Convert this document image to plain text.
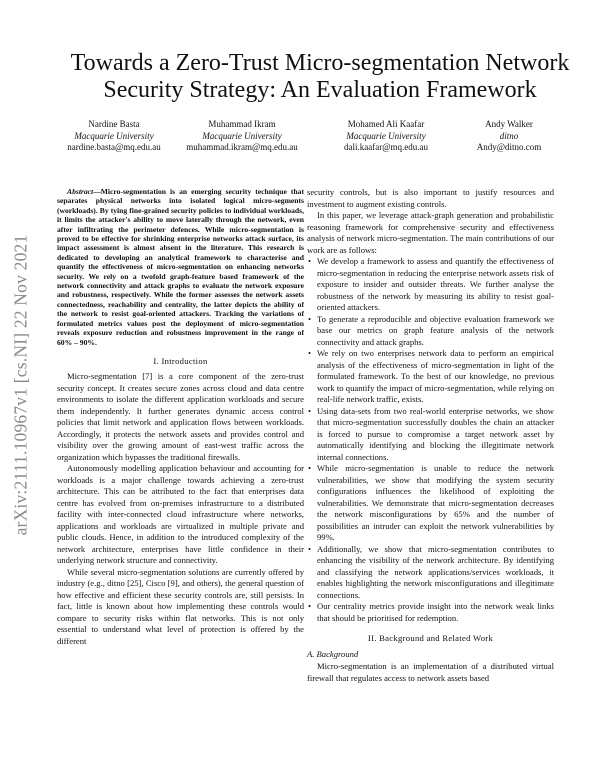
arXiv:2111.10967v1 [cs.NI] 22 Nov 2021
Towards a Zero-Trust Micro-segmentation Network Security Strategy: An Evaluation Framework
Nardine Basta
Macquarie University
nardine.basta@mq.edu.au
Muhammad Ikram
Macquarie University
muhammad.ikram@mq.edu.au
Mohamed Ali Kaafar
Macquarie University
dali.kaafar@mq.edu.au
Andy Walker
ditno
Andy@ditno.com

Abstract—Micro-segmentation is an emerging security technique that separates physical networks into isolated logical micro-segments (workloads). By tying fine-grained security policies to individual workloads, it limits the attacker's ability to move laterally through the network, even after infiltrating the perimeter defences. While micro-segmentation is proved to be effective for shrinking enterprise networks attack surface, its impact assessment is almost absent in the literature. This research is dedicated to developing an analytical framework to characterise and quantify the effectiveness of micro-segmentation on enhancing networks security. We rely on a twofold graph-feature based framework of the network connectivity and attack graphs to evaluate the network exposure and robustness, respectively. While the former assesses the network assets connectedness, reachability and centrality, the latter depicts the ability of the network to resist goal-oriented attackers. Tracking the variations of formulated metrics values post the deployment of micro-segmentation reveals exposure reduction and robustness improvement in the range of 60% – 90%.

I. Introduction

Micro-segmentation [7] is a core component of the zero-trust security concept. It creates secure zones across cloud and data centre environments to isolate the different application workloads and secure them independently. It further generates dynamic access control policies that limit network and application flows between workloads. Accordingly, it protects the network assets and provides control and visibility over the growing amount of east-west traffic across the organization which bypasses the traditional firewalls.

Autonomously modelling application behaviour and accounting for workloads is a major challenge towards achieving a zero-trust architecture. This can be attributed to the fact that enterprises data centre has evolved from on-premises infrastructure to a distributed facility with inter-connected cloud infrastructure where networks, applications and workloads are virtualized in multiple private and public clouds. Hence, in addition to the introduced complexity of the network architecture, enterprises have little confidence in their underlying network structure and connectivity.

While several micro-segmentation solutions are currently offered by industry (e.g., ditno [25], Cisco [9], and others), the general question of how effective and efficient these security controls are, still persists. In fact, little is known about how implementing these controls would compare to security risks within flat networks. This is not only essential to understand what level of protection is offered by the different

security controls, but is also important to justify resources and investment to augment existing controls.

In this paper, we leverage attack-graph generation and probabilistic reasoning framework for comprehensive security and effectiveness analysis of network micro-segmentation. The main contributions of our work are as follows:

• We develop a framework to assess and quantify the effectiveness of micro-segmentation in reducing the enterprise network assets risk of exposure to insider and outsider threats. We further analyse the robustness of the network by measuring its ability to resist goal-oriented attackers.
• To generate a reproducible and objective evaluation framework we base our metrics on graph feature analysis of the network connectivity and attack graphs.
• We rely on two enterprises network data to perform an empirical analysis of the effectiveness of micro-segmentation in light of the formulated framework. To the best of our knowledge, no previous work to quantify the impact of micro-segmentation, while relying on real-life network traffic, exists.
• Using data-sets from two real-world enterprise networks, we show that micro-segmentation successfully doubles the chain an attacker is forced to pursue to compromise a target network asset by automatically identifying and blocking the illegitimate network internal connections.
• While micro-segmentation is unable to reduce the network vulnerabilities, we show that modifying the system security configurations influences the likelihood of exploiting the vulnerabilities. We demonstrate that micro-segmentation decreases the network misconfigurations by 65% and the number of possibilities an intruder can exploit the network vulnerabilities by 99%.
• Additionally, we show that micro-segmentation contributes to enhancing the visibility of the network architecture. By identifying and classifying the network applications/services workloads, it enables highlighting the network misconfigurations and illegitimate connections.
• Our centrality metrics provide insight into the network weak links that should be prioritised for redemption.
II. Background and Related Work
A. Background

Micro-segmentation is an implementation of a distributed virtual firewall that regulates access to network assets based
